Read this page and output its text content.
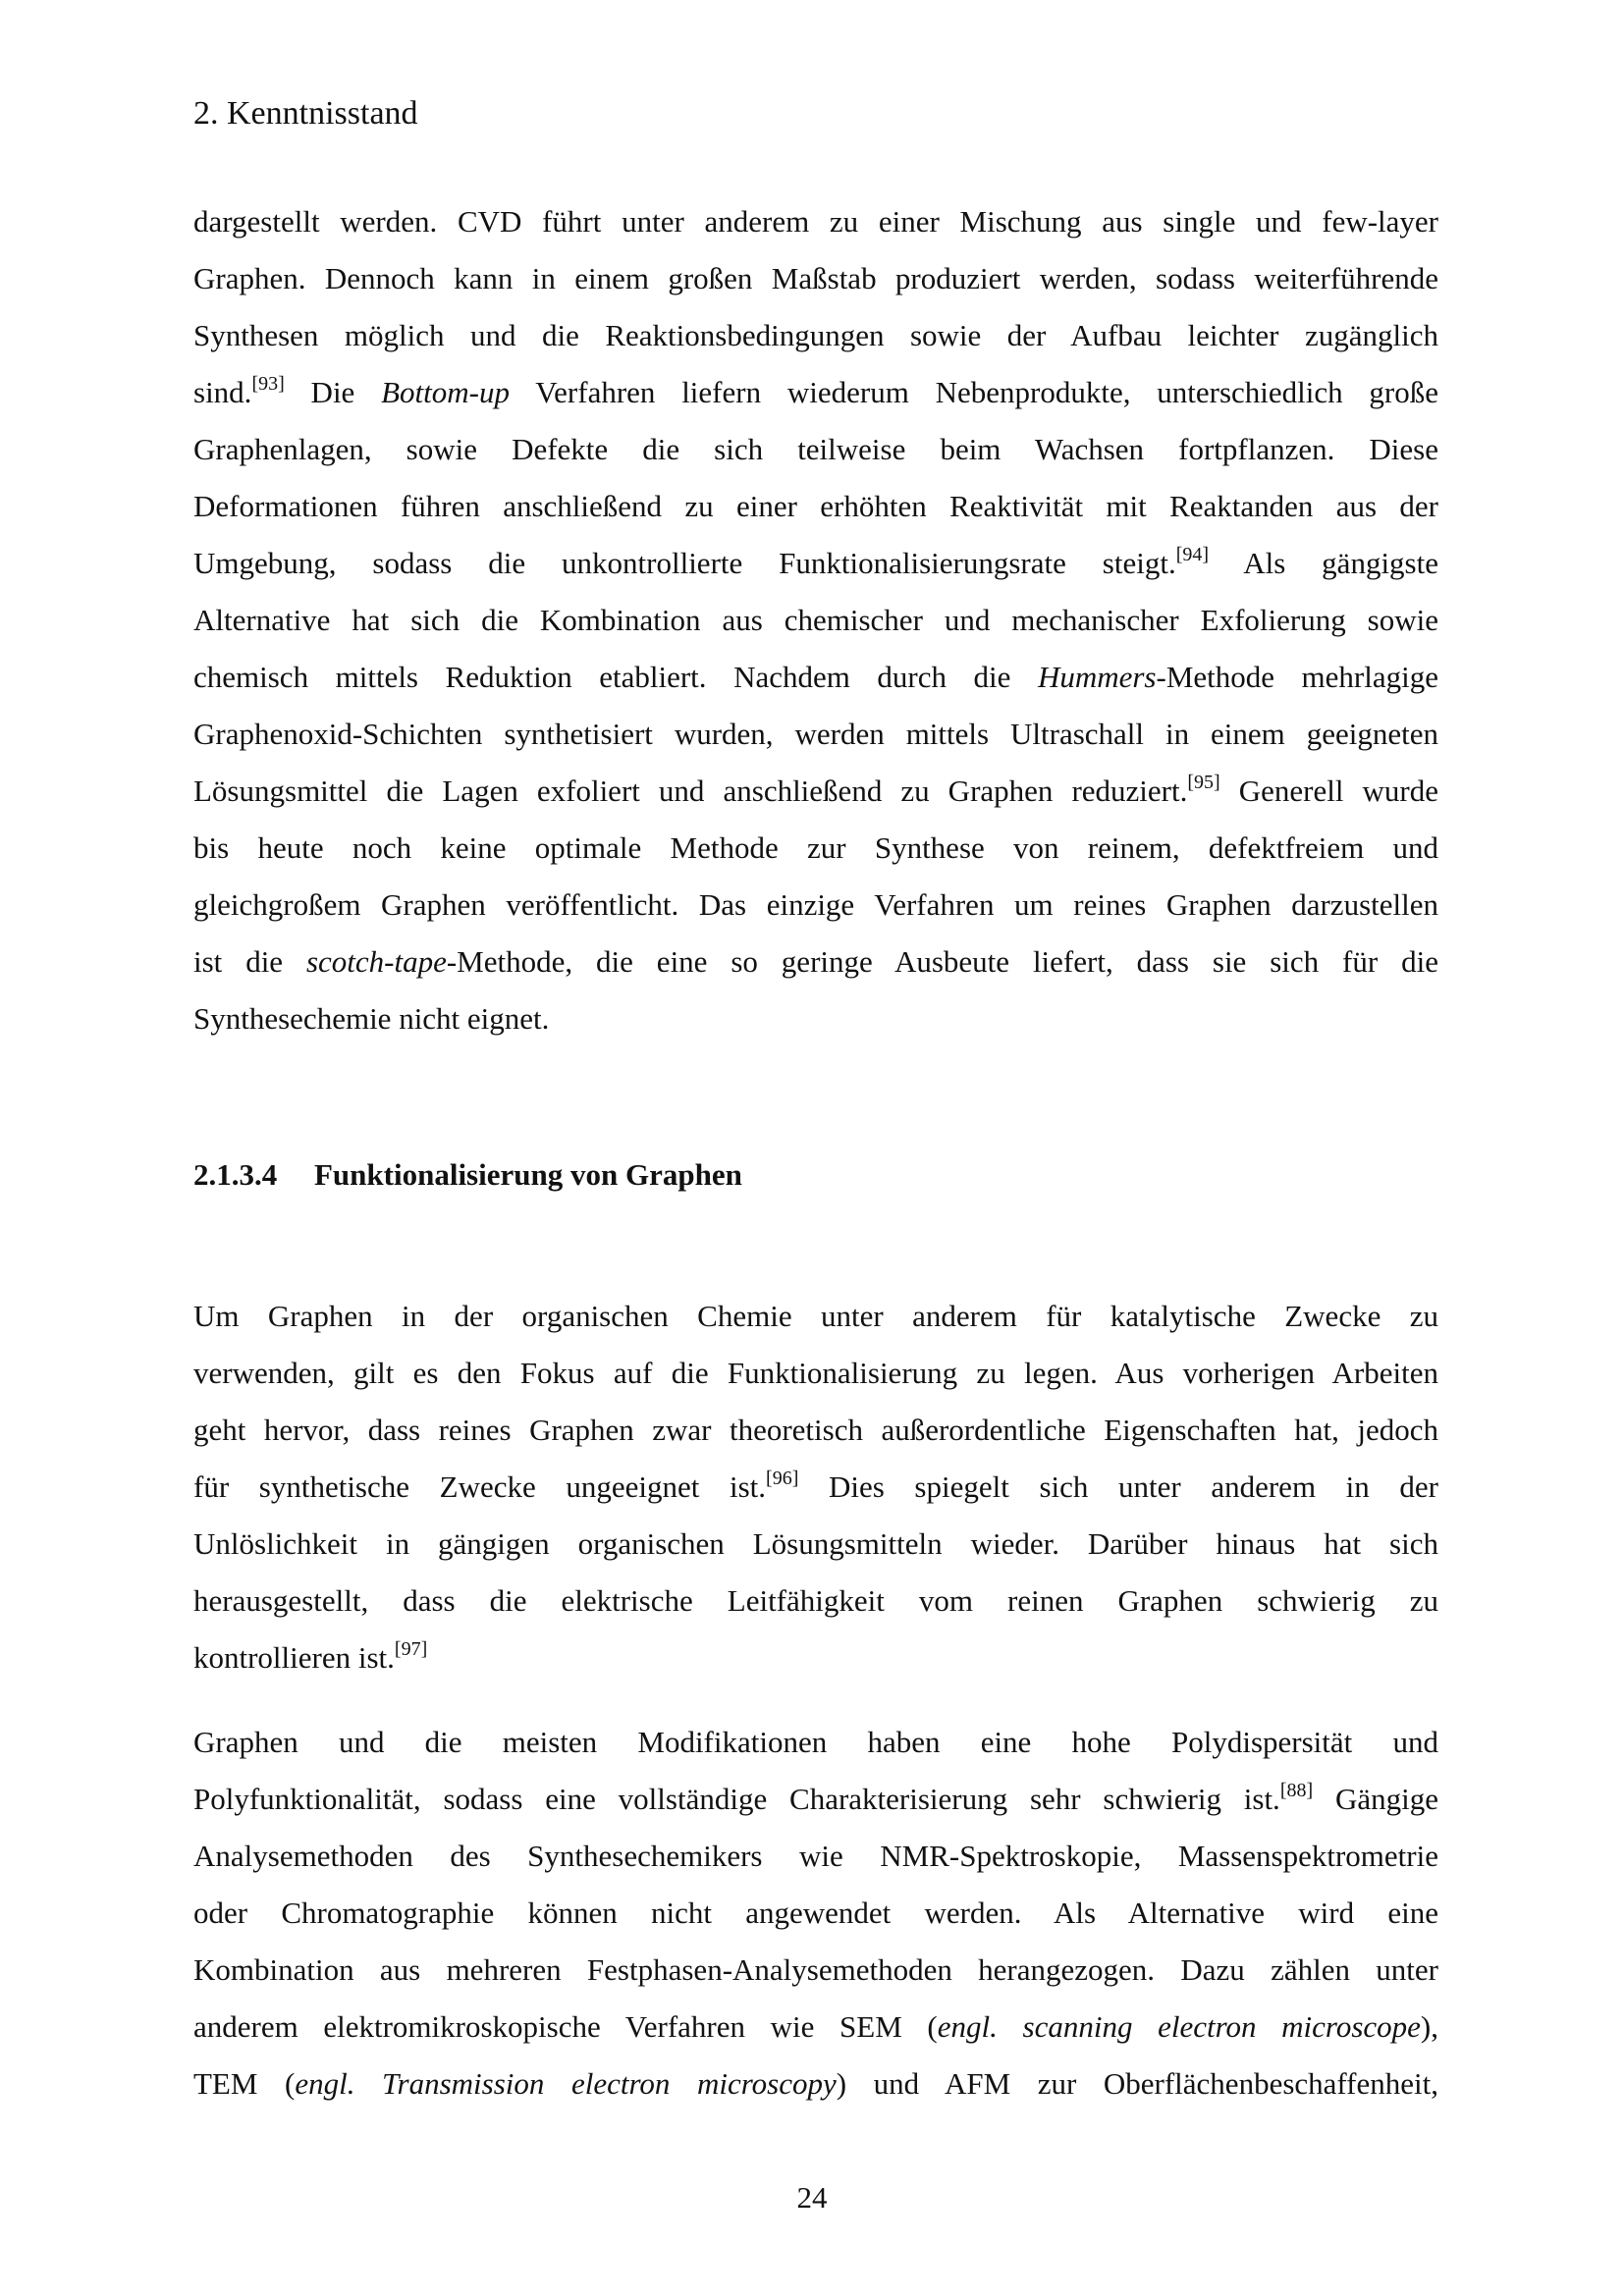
2. Kenntnisstand
dargestellt werden. CVD führt unter anderem zu einer Mischung aus single und few-layer
Graphen. Dennoch kann in einem großen Maßstab produziert werden, sodass weiterführende
Synthesen möglich und die Reaktionsbedingungen sowie der Aufbau leichter zugänglich
sind.[93] Die Bottom-up Verfahren liefern wiederum Nebenprodukte, unterschiedlich große
Graphenlagen, sowie Defekte die sich teilweise beim Wachsen fortpflanzen. Diese
Deformationen führen anschließend zu einer erhöhten Reaktivität mit Reaktanden aus der
Umgebung, sodass die unkontrollierte Funktionalisierungsrate steigt.[94] Als gängigste
Alternative hat sich die Kombination aus chemischer und mechanischer Exfolierung sowie
chemisch mittels Reduktion etabliert. Nachdem durch die Hummers-Methode mehrlagige
Graphenoxid-Schichten synthetisiert wurden, werden mittels Ultraschall in einem geeigneten
Lösungsmittel die Lagen exfoliert und anschließend zu Graphen reduziert.[95] Generell wurde
bis heute noch keine optimale Methode zur Synthese von reinem, defektfreiem und
gleichgroßem Graphen veröffentlicht. Das einzige Verfahren um reines Graphen darzustellen
ist die scotch-tape-Methode, die eine so geringe Ausbeute liefert, dass sie sich für die
Synthesechemie nicht eignet.
2.1.3.4 Funktionalisierung von Graphen
Um Graphen in der organischen Chemie unter anderem für katalytische Zwecke zu
verwenden, gilt es den Fokus auf die Funktionalisierung zu legen. Aus vorherigen Arbeiten
geht hervor, dass reines Graphen zwar theoretisch außerordentliche Eigenschaften hat, jedoch
für synthetische Zwecke ungeeignet ist.[96] Dies spiegelt sich unter anderem in der
Unlöslichkeit in gängigen organischen Lösungsmitteln wieder. Darüber hinaus hat sich
herausgestellt, dass die elektrische Leitfähigkeit vom reinen Graphen schwierig zu
kontrollieren ist.[97]
Graphen und die meisten Modifikationen haben eine hohe Polydispersität und
Polyfunktionalität, sodass eine vollständige Charakterisierung sehr schwierig ist.[88] Gängige
Analysemethoden des Synthesechemikers wie NMR-Spektroskopie, Massenspektrometrie
oder Chromatographie können nicht angewendet werden. Als Alternative wird eine
Kombination aus mehreren Festphasen-Analysemethoden herangezogen. Dazu zählen unter
anderem elektromikroskopische Verfahren wie SEM (engl. scanning electron microscope),
TEM (engl. Transmission electron microscopy) und AFM zur Oberflächenbeschaffenheit,
24
